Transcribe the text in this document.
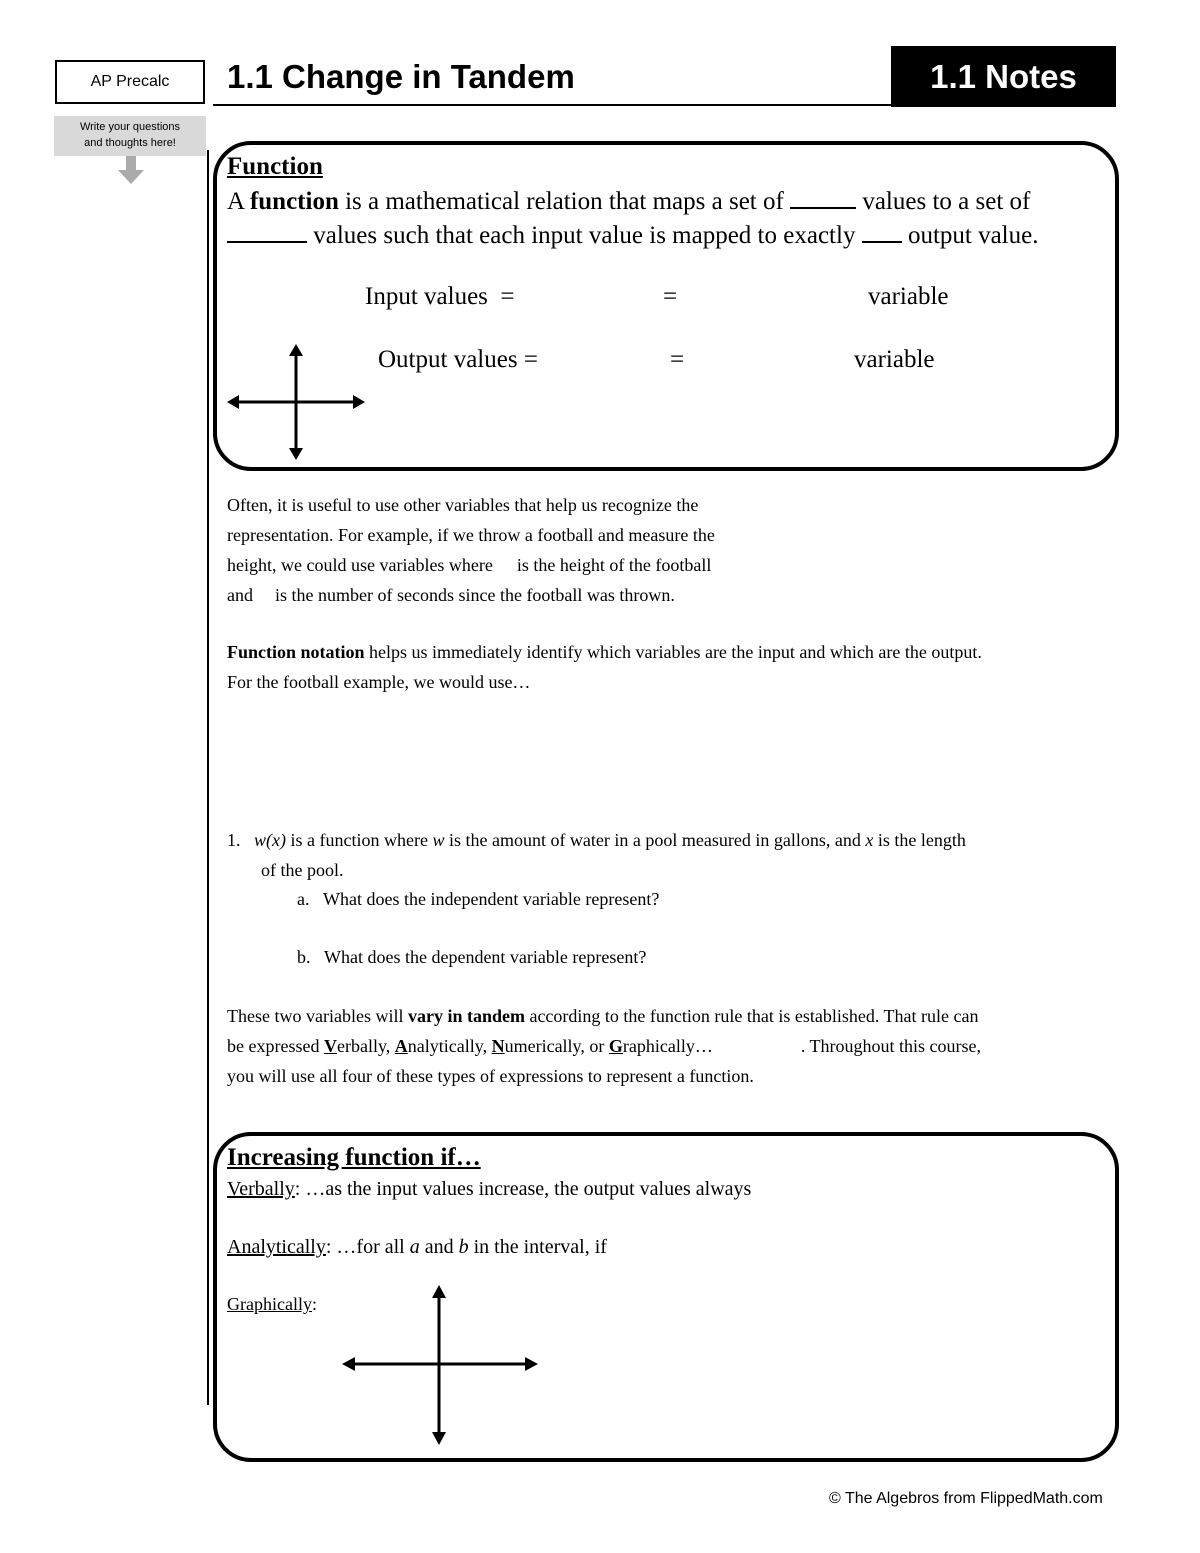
AP Precalc
Write your questions
and thoughts here!
1.1 Change in Tandem	1.1 Notes
Function
A function is a mathematical relation that maps a set of	values to a set of
values such that each input value is mapped to exactly output value.
Input values  =	=	variable
Output values =	=	variable
Often, it is useful to use other variables that help us recognize the
representation. For example, if we throw a football and measure the
height, we could use variables where is the height of the football
and is the number of seconds since the football was thrown.
Function notation helps us immediately identify which variables are the input and which are the output.
For the football example, we would use…
1. w(x) is a function where w is the amount of water in a pool measured in gallons, and x is the length
of the pool.
a. What does the independent variable represent?
b. What does the dependent variable represent?
These two variables will vary in tandem according to the function rule that is established. That rule can
be expressed Verbally, Analytically, Numerically, or Graphically…	. Throughout this course,
you will use all four of these types of expressions to represent a function.
Increasing function if…
Verbally: …as the input values increase, the output values always
Analytically: …for all a and b in the interval, if
Graphically:
© The Algebros from FlippedMath.com
